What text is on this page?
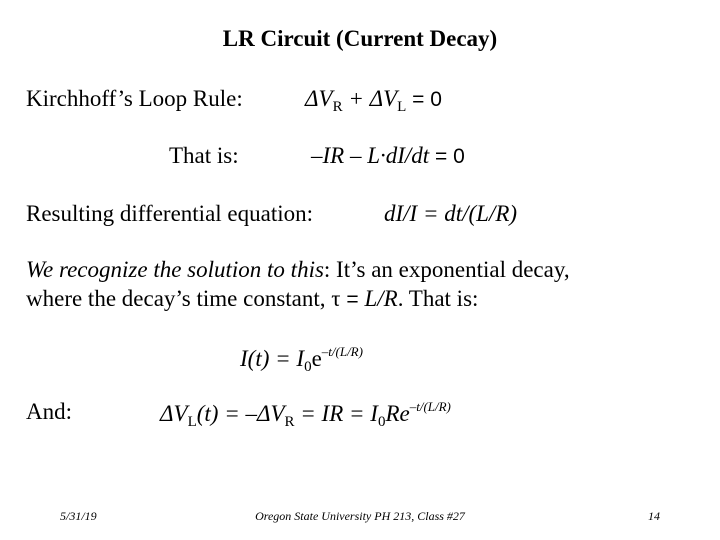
LR Circuit (Current Decay)
Kirchhoff’s Loop Rule:	$\Delta V_R + \Delta V_L = 0$
That is:	–IR – L·dI/dt = 0
Resulting differential equation:	dI/I = dt/(L/R)
We recognize the solution to this: It’s an exponential decay,
where the decay’s time constant, τ = L/R. That is:
$I(t) = I_0e^{-t/(L/R)}$
And:	$\Delta V_L(t) = -\Delta V_R$ = IR = $I_0Re^{-t/(L/R)}$
5/31/19	Oregon State University PH 213, Class #27	14
